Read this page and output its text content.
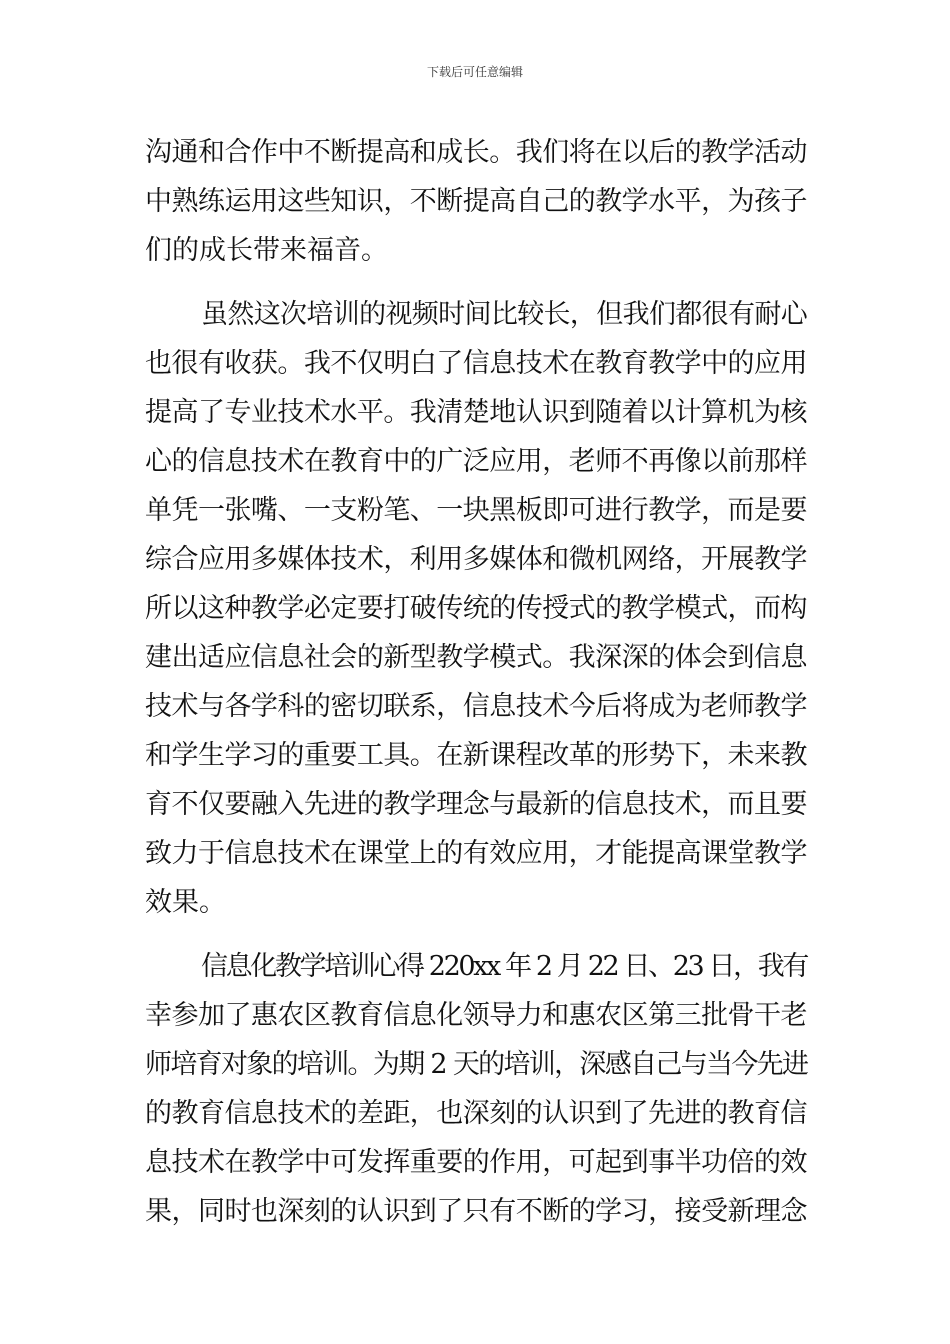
下载后可任意编辑
沟通和合作中不断提高和成长。我们将在以后的教学活动
中熟练运用这些知识，不断提高自己的教学水平，为孩子
们的成长带来福音。
虽然这次培训的视频时间比较长，但我们都很有耐心
也很有收获。我不仅明白了信息技术在教育教学中的应用
提高了专业技术水平。我清楚地认识到随着以计算机为核
心的信息技术在教育中的广泛应用，老师不再像以前那样
单凭一张嘴、一支粉笔、一块黑板即可进行教学，而是要
综合应用多媒体技术，利用多媒体和微机网络，开展教学
所以这种教学必定要打破传统的传授式的教学模式，而构
建出适应信息社会的新型教学模式。我深深的体会到信息
技术与各学科的密切联系，信息技术今后将成为老师教学
和学生学习的重要工具。在新课程改革的形势下，未来教
育不仅要融入先进的教学理念与最新的信息技术，而且要
致力于信息技术在课堂上的有效应用，才能提高课堂教学
效果。
信息化教学培训心得 220xx 年 2 月 22 日、23 日，我有
幸参加了惠农区教育信息化领导力和惠农区第三批骨干老
师培育对象的培训。为期 2 天的培训，深感自己与当今先进
的教育信息技术的差距，也深刻的认识到了先进的教育信
息技术在教学中可发挥重要的作用，可起到事半功倍的效
果，同时也深刻的认识到了只有不断的学习，接受新理念
